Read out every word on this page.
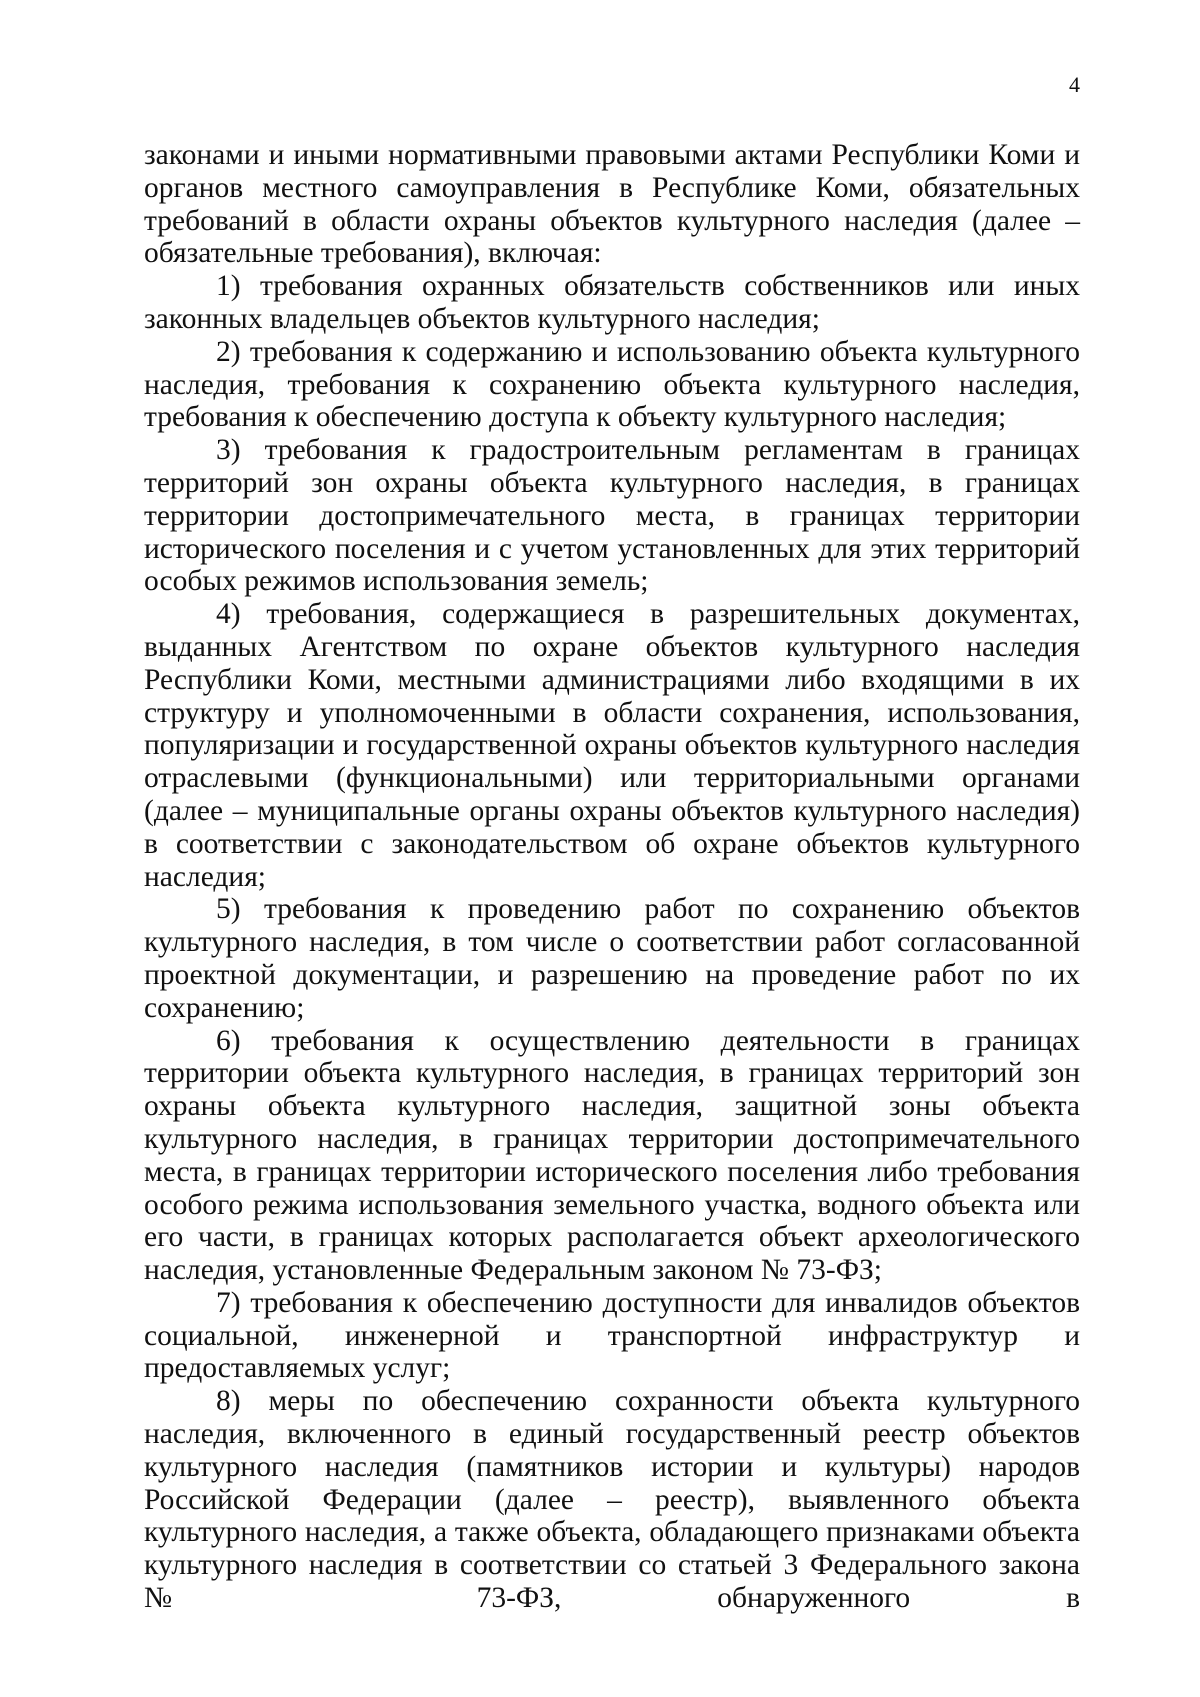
4

законами и иными нормативными правовыми актами Республики Коми и органов местного самоуправления в Республике Коми, обязательных требований в области охраны объектов культурного наследия (далее – обязательные требования), включая:

1) требования охранных обязательств собственников или иных законных владельцев объектов культурного наследия;

2) требования к содержанию и использованию объекта культурного наследия, требования к сохранению объекта культурного наследия, требования к обеспечению доступа к объекту культурного наследия;

3) требования к градостроительным регламентам в границах территорий зон охраны объекта культурного наследия, в границах территории достопримечательного места, в границах территории исторического поселения и с учетом установленных для этих территорий особых режимов использования земель;

4) требования, содержащиеся в разрешительных документах, выданных Агентством по охране объектов культурного наследия Республики Коми, местными администрациями либо входящими в их структуру и уполномоченными в области сохранения, использования, популяризации и государственной охраны объектов культурного наследия отраслевыми (функциональными) или территориальными органами (далее – муниципальные органы охраны объектов культурного наследия) в соответствии с законодательством об охране объектов культурного наследия;

5) требования к проведению работ по сохранению объектов культурного наследия, в том числе о соответствии работ согласованной проектной документации, и разрешению на проведение работ по их сохранению;

6) требования к осуществлению деятельности в границах территории объекта культурного наследия, в границах территорий зон охраны объекта культурного наследия, защитной зоны объекта культурного наследия, в границах территории достопримечательного места, в границах территории исторического поселения либо требования особого режима использования земельного участка, водного объекта или его части, в границах которых располагается объект археологического наследия, установленные Федеральным законом № 73-ФЗ;

7) требования к обеспечению доступности для инвалидов объектов социальной, инженерной и транспортной инфраструктур и предоставляемых услуг;

8) меры по обеспечению сохранности объекта культурного наследия, включенного в единый государственный реестр объектов культурного наследия (памятников истории и культуры) народов Российской Федерации (далее – реестр), выявленного объекта культурного наследия, а также объекта, обладающего признаками объекта культурного наследия в соответствии со статьей 3 Федерального закона № 73-ФЗ, обнаруженного в
